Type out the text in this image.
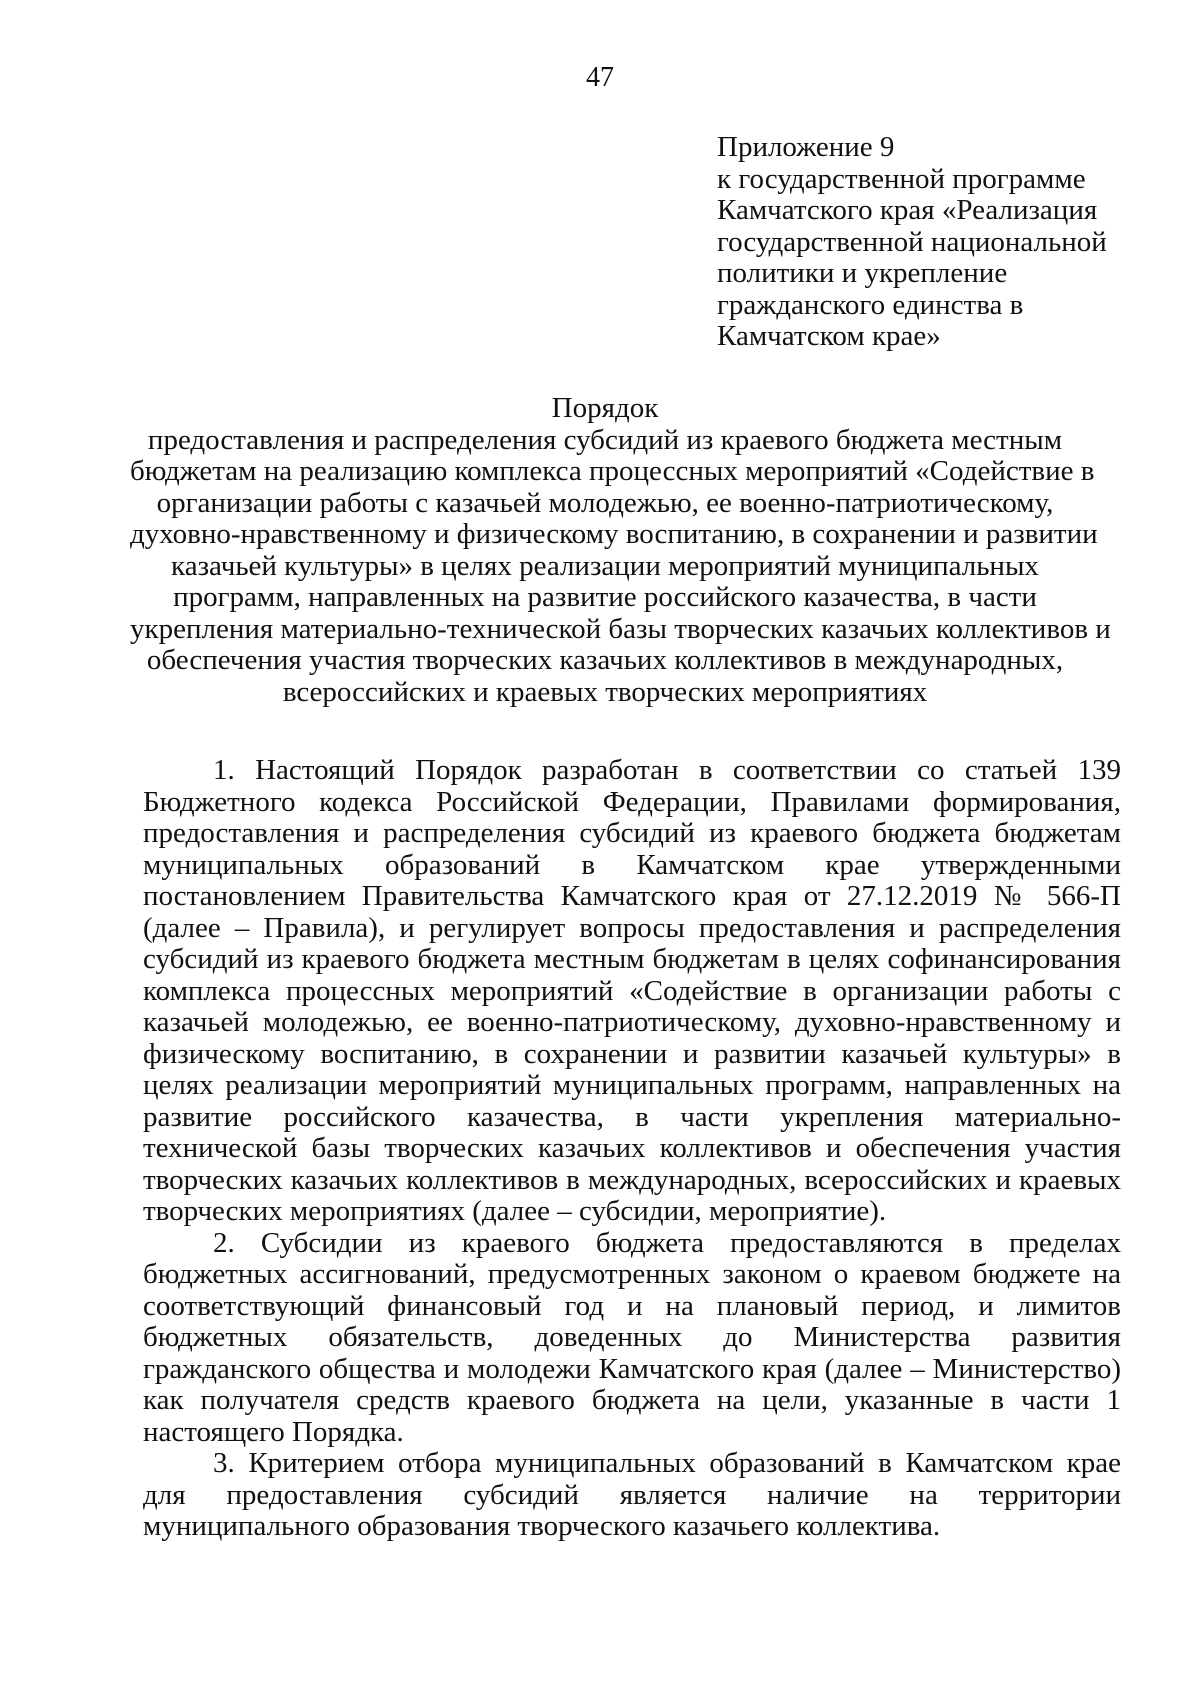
47
Приложение 9
к государственной программе
Камчатского края «Реализация
государственной национальной
политики и укрепление
гражданского единства в
Камчатском крае»
Порядок
предоставления и распределения субсидий из краевого бюджета местным
бюджетам на реализацию комплекса процессных мероприятий «Содействие в
организации работы с казачьей молодежью, ее военно-патриотическому,
духовно-нравственному и физическому воспитанию, в сохранении и развитии
казачьей культуры» в целях реализации мероприятий муниципальных
программ, направленных на развитие российского казачества, в части
укрепления материально-технической базы творческих казачьих коллективов и
обеспечения участия творческих казачьих коллективов в международных,
всероссийских и краевых творческих мероприятиях

1. Настоящий Порядок разработан в соответствии со статьей 139 Бюджетного кодекса Российской Федерации, Правилами формирования, предоставления и распределения субсидий из краевого бюджета бюджетам муниципальных образований в Камчатском крае утвержденными постановлением Правительства Камчатского края от 27.12.2019 № 566-П (далее – Правила), и регулирует вопросы предоставления и распределения субсидий из краевого бюджета местным бюджетам в целях софинансирования комплекса процессных мероприятий «Содействие в организации работы с казачьей молодежью, ее военно-патриотическому, духовно-нравственному и физическому воспитанию, в сохранении и развитии казачьей культуры» в целях реализации мероприятий муниципальных программ, направленных на развитие российского казачества, в части укрепления материально-технической базы творческих казачьих коллективов и обеспечения участия творческих казачьих коллективов в международных, всероссийских и краевых творческих мероприятиях (далее – субсидии, мероприятие).

2. Субсидии из краевого бюджета предоставляются в пределах бюджетных ассигнований, предусмотренных законом о краевом бюджете на соответствующий финансовый год и на плановый период, и лимитов бюджетных обязательств, доведенных до Министерства развития гражданского общества и молодежи Камчатского края (далее – Министерство) как получателя средств краевого бюджета на цели, указанные в части 1 настоящего Порядка.

3. Критерием отбора муниципальных образований в Камчатском крае для предоставления субсидий является наличие на территории муниципального образования творческого казачьего коллектива.
